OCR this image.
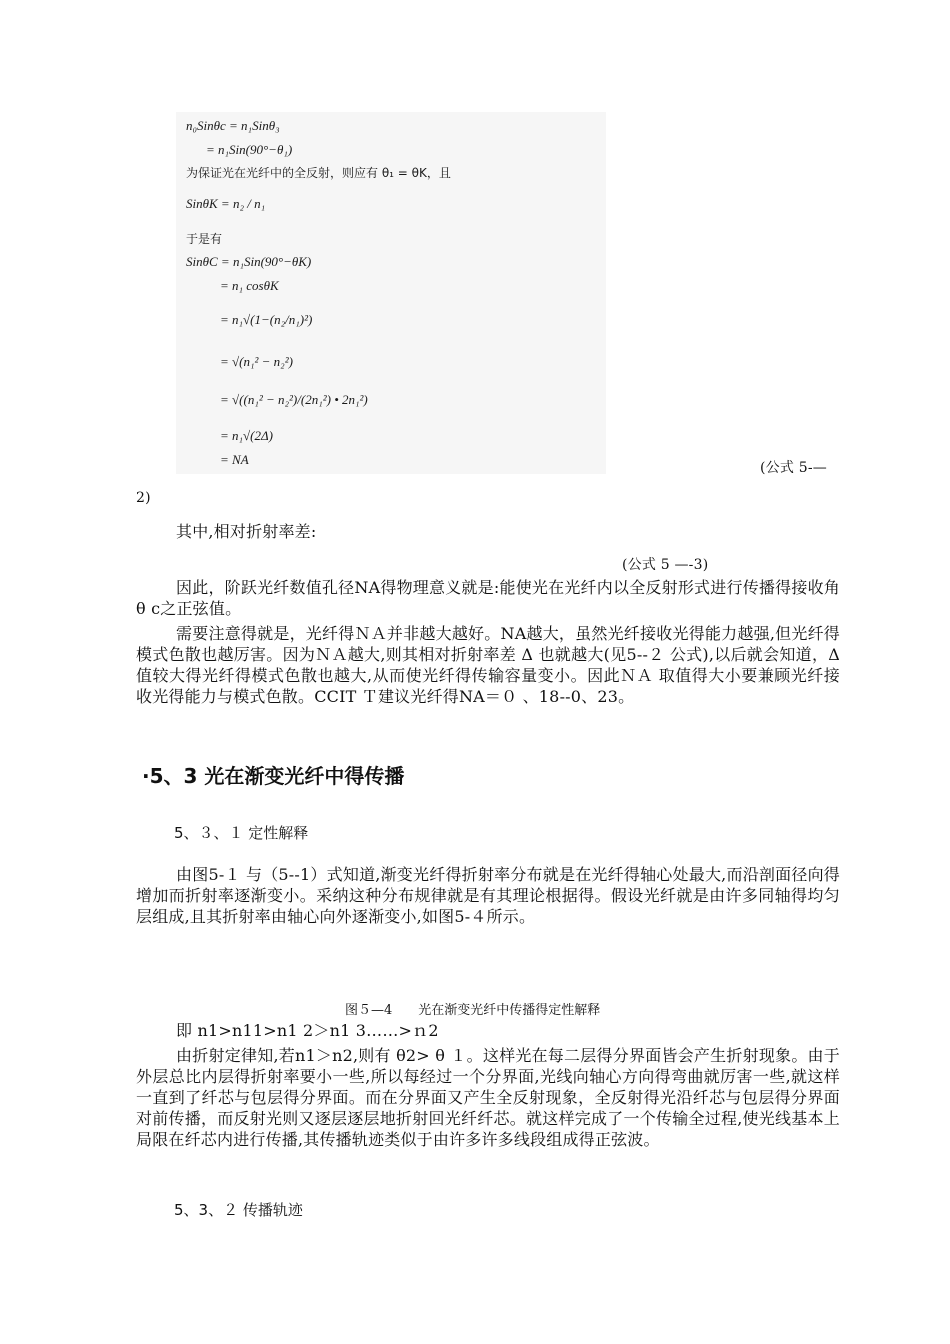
n₀Sinθc = n₁Sinθ₃
= n₁Sin(90°−θ₁)
为保证光在光纤中的全反射，则应有 θ₁ = θK，且
SinθK = n₂ / n₁
于是有
SinθC = n₁Sin(90°−θK)
= n₁ cosθK
= n₁√(1−(n₂/n₁)²)
= √(n₁² − n₂²)
= √((n₁² − n₂²)/(2n₁²) • 2n₁²)
= n₁√(2Δ)
= NA
(公式 5-—
2)
其中,相对折射率差:
(公式 5 —-3)
因此，阶跃光纤数值孔径NA得物理意义就是:能使光在光纤内以全反射形式进行传播得接收角 θ c之正弦值。
需要注意得就是，光纤得ＮＡ并非越大越好。NA越大，虽然光纤接收光得能力越强,但光纤得模式色散也越厉害。因为ＮＡ越大,则其相对折射率差 Δ 也就越大(见5--２ 公式),以后就会知道，Δ 值较大得光纤得模式色散也越大,从而使光纤得传输容量变小。因此ＮＡ 取值得大小要兼顾光纤接收光得能力与模式色散。CCIT Ｔ建议光纤得NA＝０ 、18--0、23。
·5、3 光在渐变光纤中得传播
5、３、１ 定性解释
由图5-１ 与（5--1）式知道,渐变光纤得折射率分布就是在光纤得轴心处最大,而沿剖面径向得增加而折射率逐渐变小。采纳这种分布规律就是有其理论根据得。假设光纤就是由许多同轴得均匀层组成,且其折射率由轴心向外逐渐变小,如图5-４所示。
图５—4　　光在渐变光纤中传播得定性解释
即 n1>n11>n1 2＞n1 3……>ｎ2
由折射定律知,若n1＞n2,则有 θ2> θ １。这样光在每二层得分界面皆会产生折射现象。由于外层总比内层得折射率要小一些,所以每经过一个分界面,光线向轴心方向得弯曲就厉害一些,就这样一直到了纤芯与包层得分界面。而在分界面又产生全反射现象，全反射得光沿纤芯与包层得分界面对前传播，而反射光则又逐层逐层地折射回光纤纤芯。就这样完成了一个传输全过程,使光线基本上局限在纤芯内进行传播,其传播轨迹类似于由许多许多线段组成得正弦波。
5、3、２ 传播轨迹
